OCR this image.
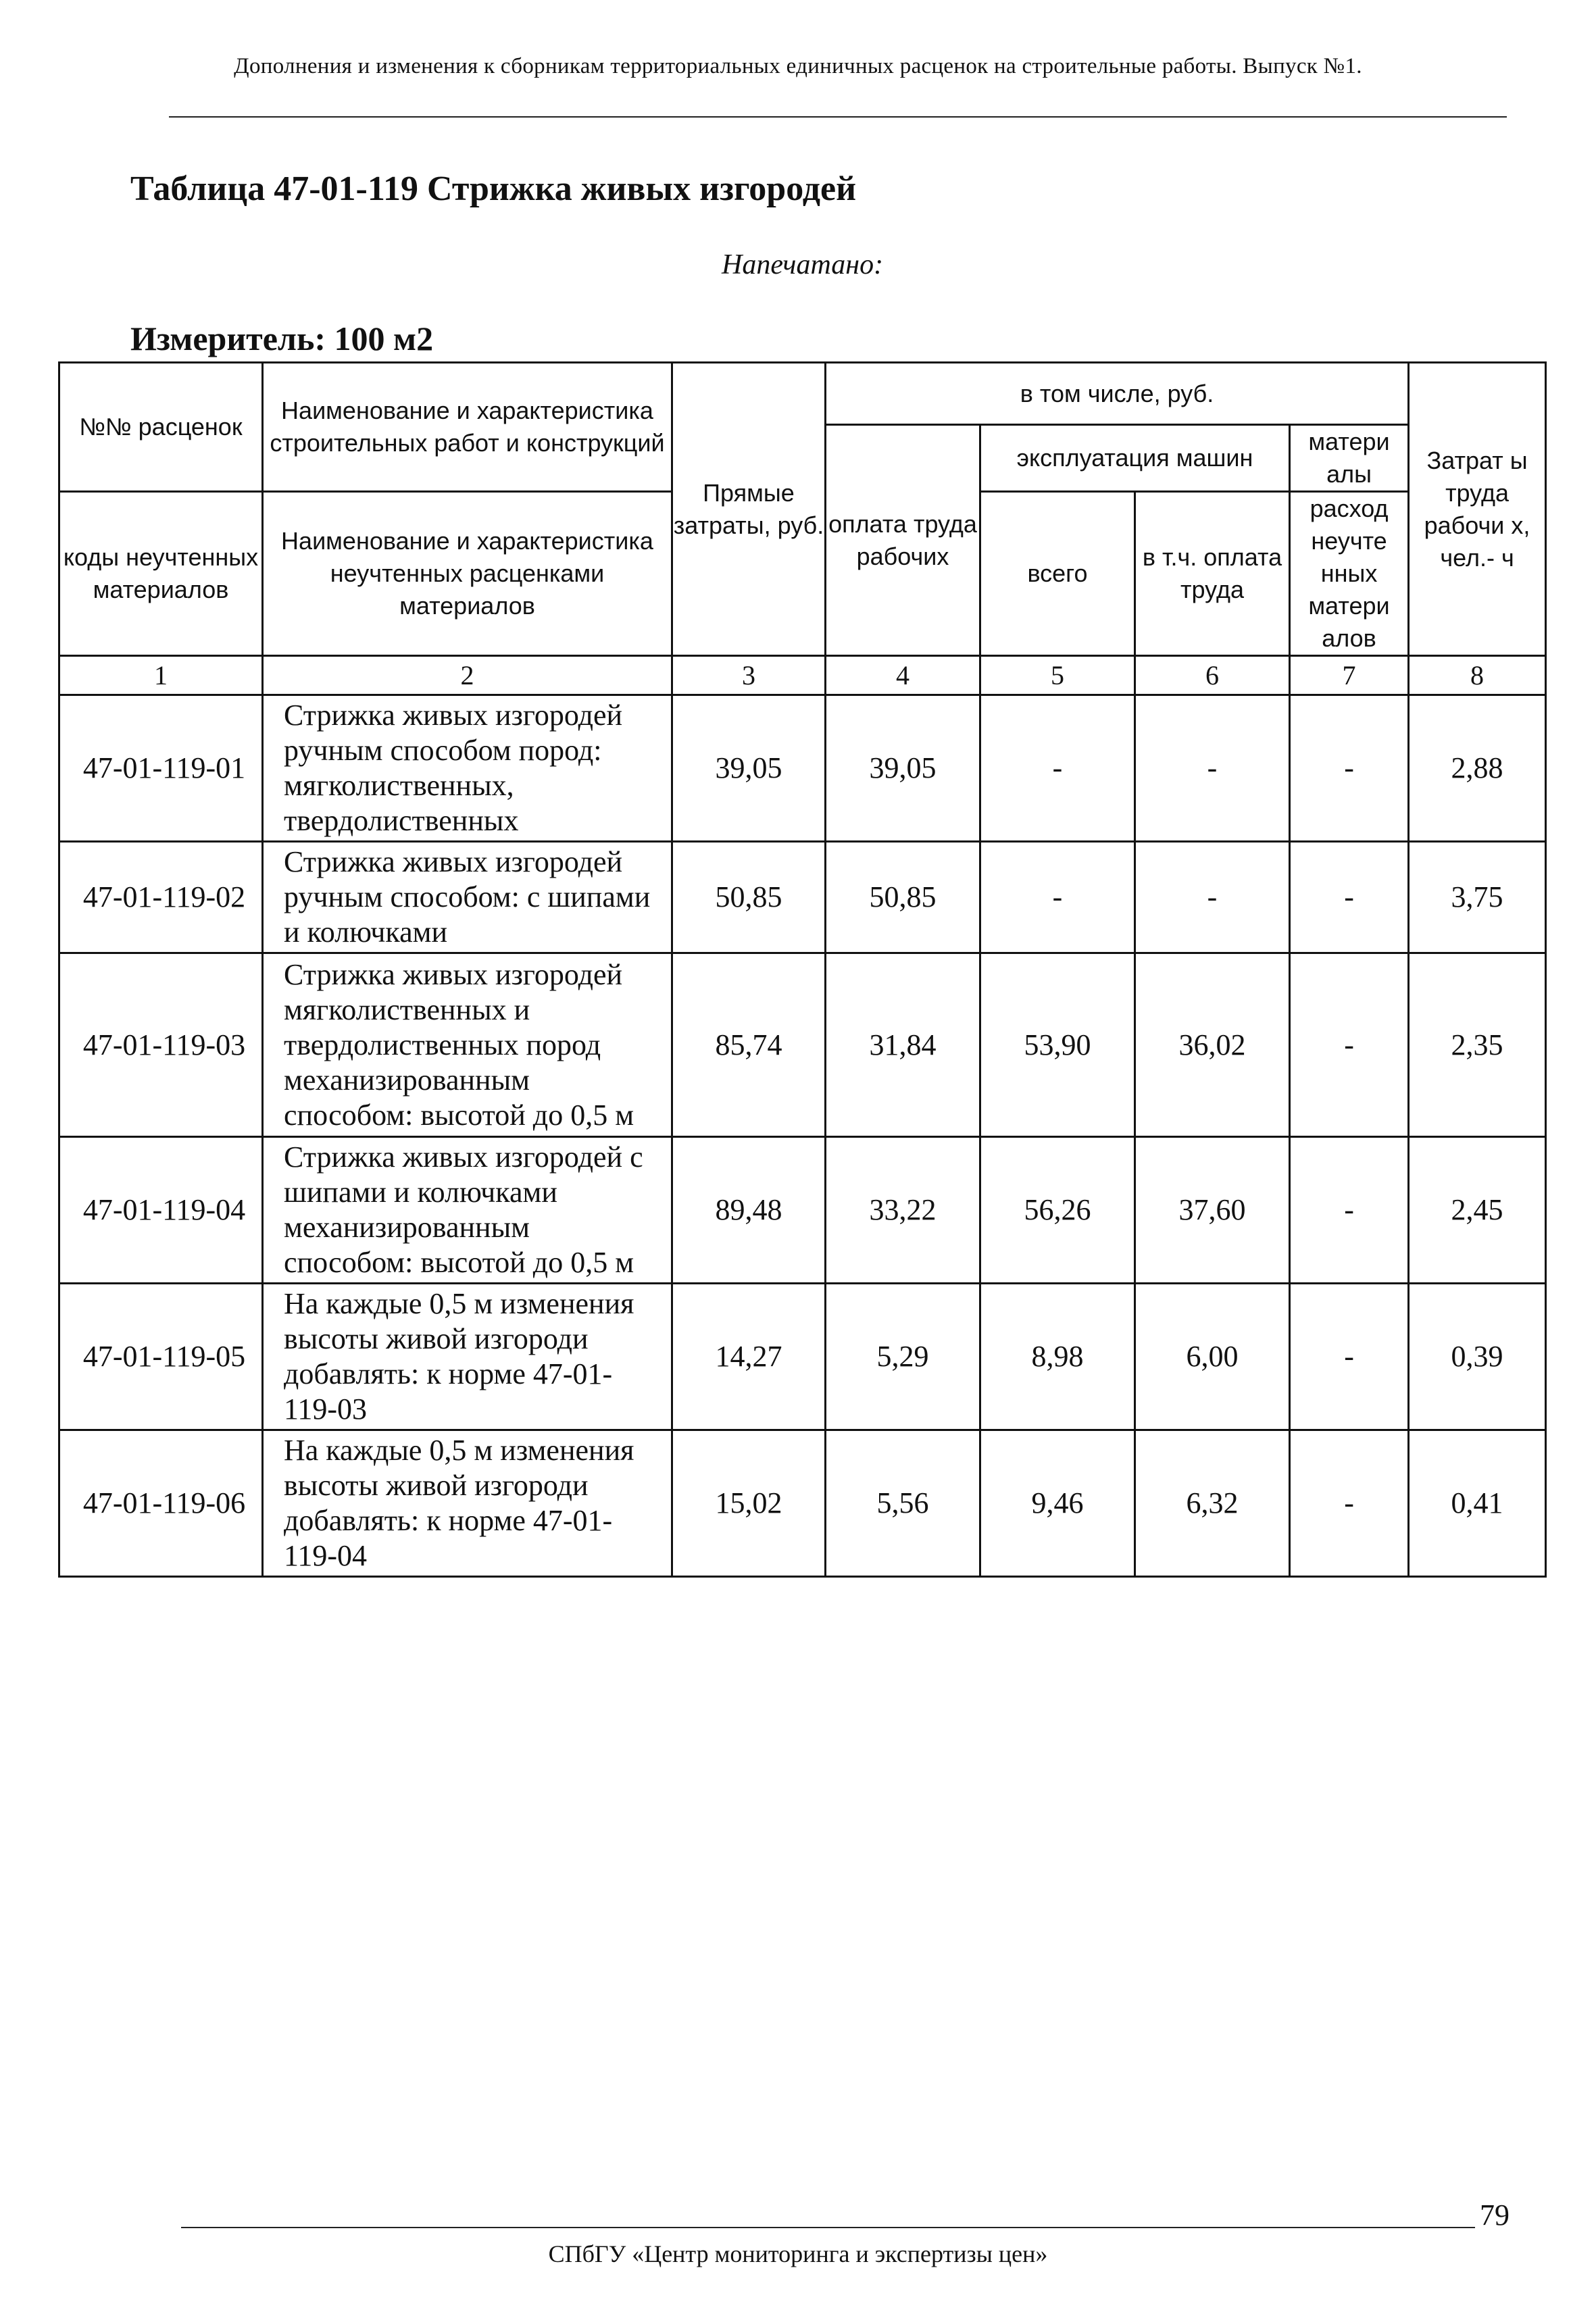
Дополнения и изменения к сборникам территориальных единичных расценок на строительные работы. Выпуск №1.
Таблица 47-01-119 Стрижка живых изгородей
Напечатано:
Измеритель: 100 м2
№№ расценок	Наименование и характеристика строительных работ и конструкций	Прямые затраты, руб.	в том числе, руб.				Затрат ы труда рабочи х, чел.- ч
			оплата труда рабочих	эксплуатация машин		матери алы	
коды неучтенных материалов	Наименование и характеристика неучтенных расценками материалов			всего	в т.ч. оплата труда	расход неучте нных матери алов	

1	2	3	4	5	6	7	8
47-01-119-01	Стрижка живых изгородей ручным способом пород: мягколиственных, твердолиственных	39,05	39,05	-	-	-	2,88
47-01-119-02	Стрижка живых изгородей ручным способом: с шипами и колючками	50,85	50,85	-	-	-	3,75
47-01-119-03	Стрижка живых изгородей мягколиственных и твердолиственных пород механизированным способом: высотой до 0,5 м	85,74	31,84	53,90	36,02	-	2,35
47-01-119-04	Стрижка живых изгородей с шипами и колючками механизированным способом: высотой до 0,5 м	89,48	33,22	56,26	37,60	-	2,45
47-01-119-05	На каждые 0,5 м изменения высоты живой изгороди добавлять: к норме 47-01-119-03	14,27	5,29	8,98	6,00	-	0,39
47-01-119-06	На каждые 0,5 м изменения высоты живой изгороди добавлять: к норме 47-01-119-04	15,02	5,56	9,46	6,32	-	0,41
79
СПбГУ «Центр мониторинга и экспертизы цен»
